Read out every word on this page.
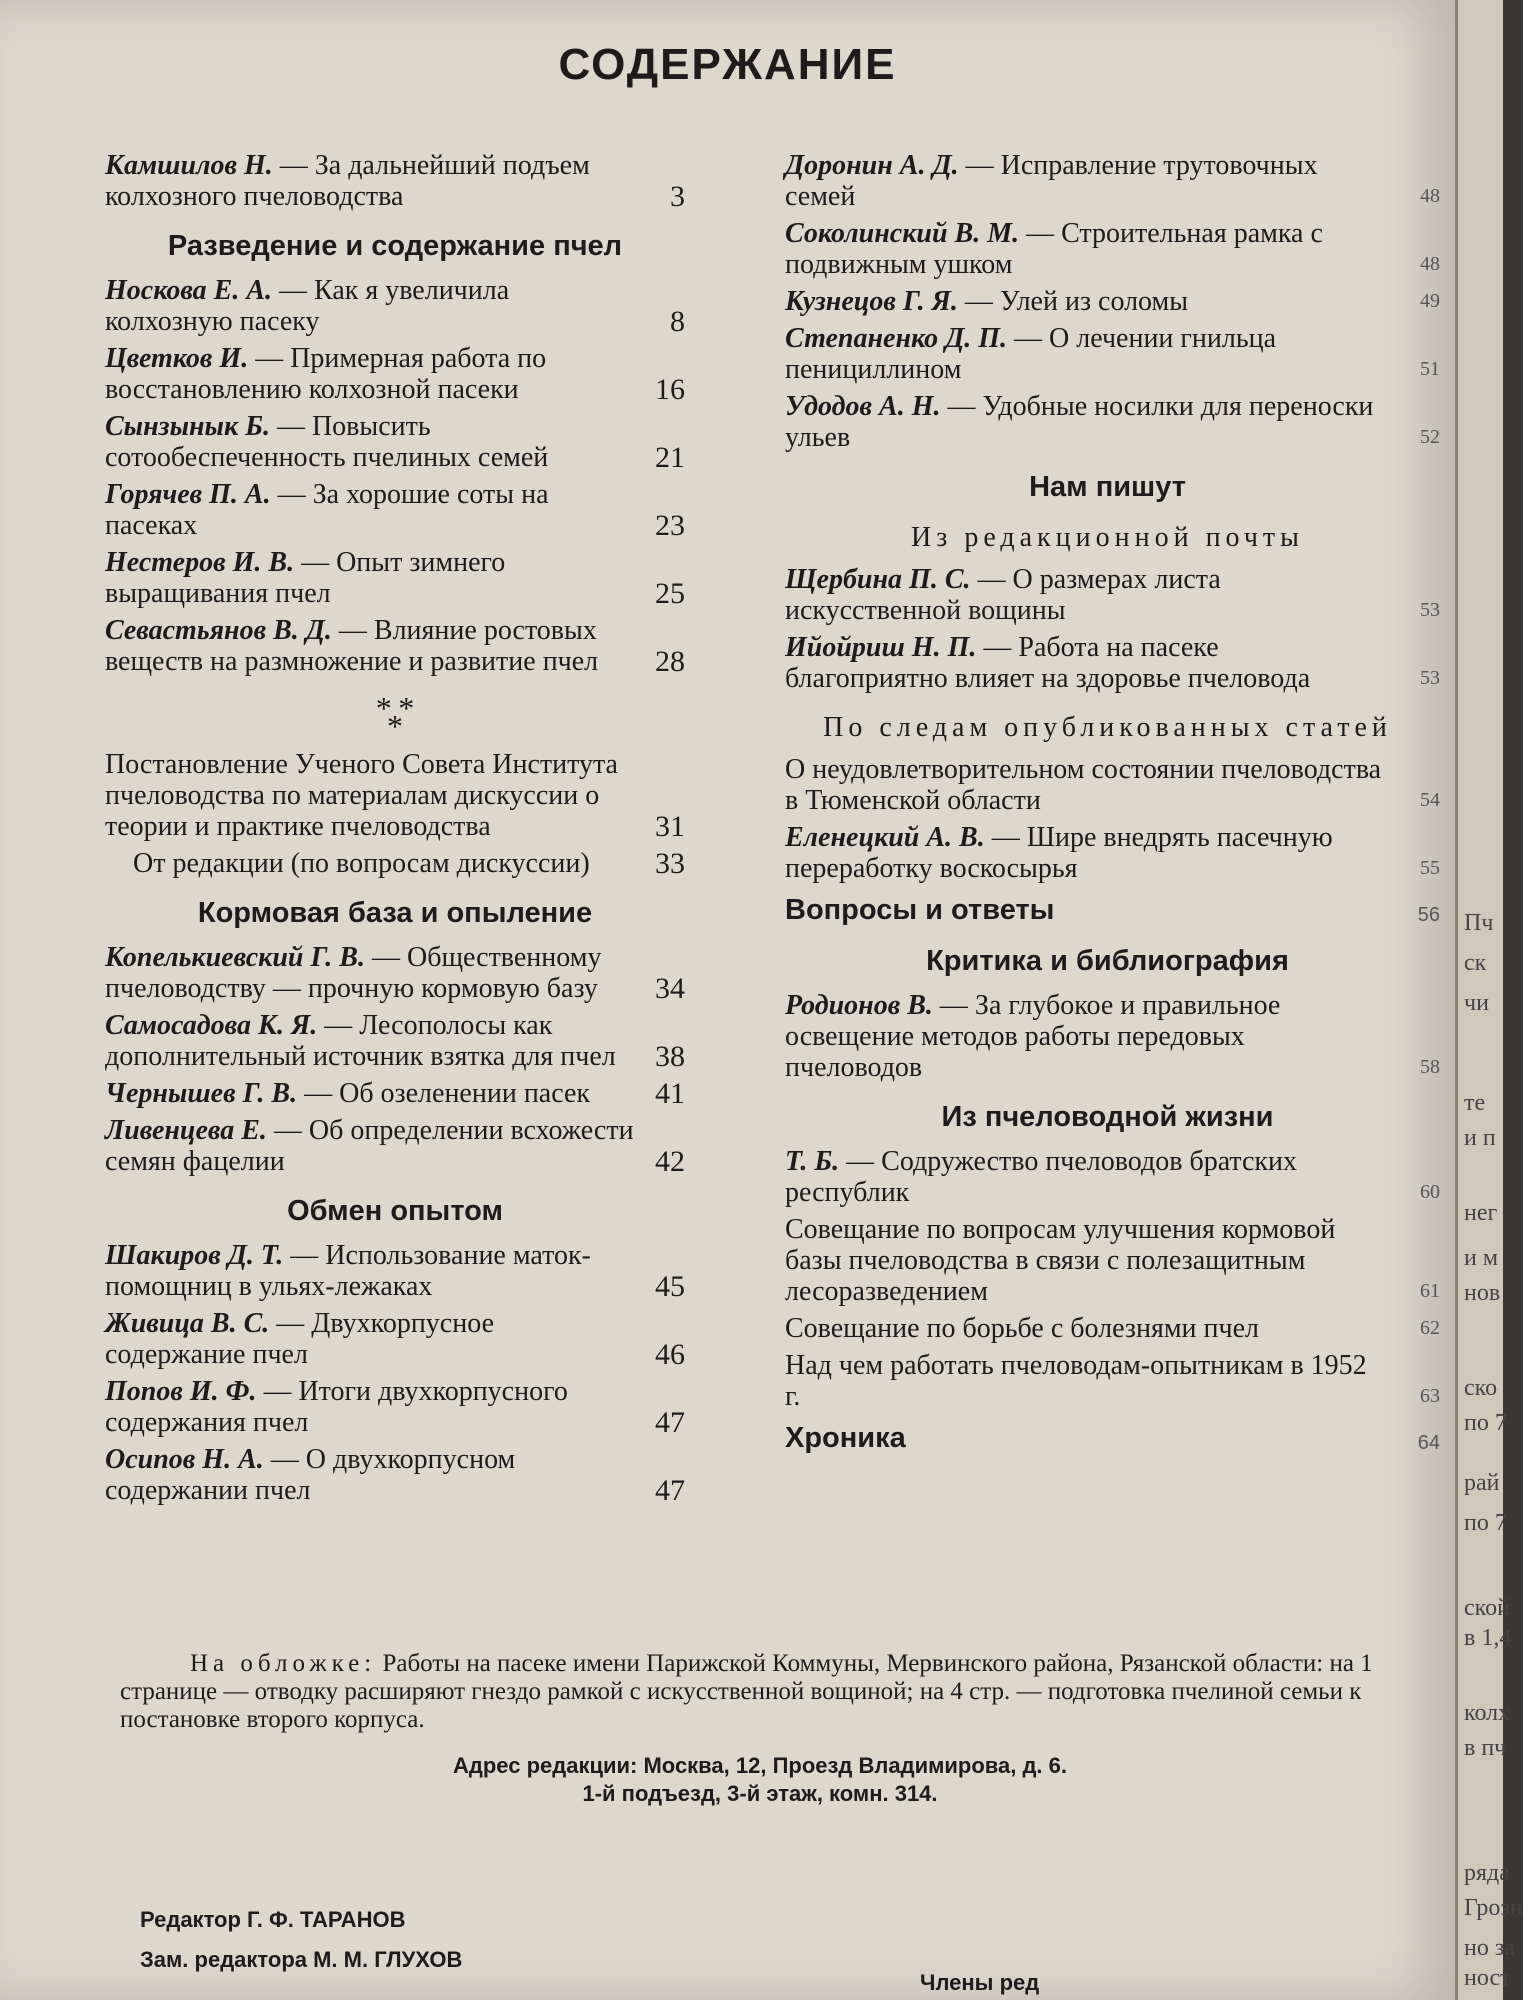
СОДЕРЖАНИЕ
Камшилов Н. — За дальнейший подъем колхозного пчеловодства	3
Разведение и содержание пчел
Носкова Е. А. — Как я увеличила колхозную пасеку	8
Цветков И. — Примерная работа по восстановлению колхозной пасеки	16
Сынзынык Б. — Повысить сотообеспеченность пчелиных семей	21
Горячев П. А. — За хорошие соты на пасеках	23
Нестеров И. В. — Опыт зимнего выращивания пчел	25
Севастьянов В. Д. — Влияние ростовых веществ на размножение и развитие пчел 28
* *
*
Постановление Ученого Совета Института пчеловодства по материалам дискуссии о теории и практике пчеловодства	31
От редакции (по вопросам дискуссии) 33
Кормовая база и опыление
Копелькиевский Г. В. — Общественному пчеловодству — прочную кормовую базу 34
Самосадова К. Я. — Лесополосы как дополнительный источник взятка для пчел 38
Чернышев Г. В. — Об озеленении пасек 41
Ливенцева Е. — Об определении всхожести семян фацелии	42
Обмен опытом
Шакиров Д. Т. — Использование маток-помощниц в ульях-лежаках	45
Живица В. С. — Двухкорпусное содержание пчел	46
Попов И. Ф. — Итоги двухкорпусного содержания пчел	47
Осипов Н. А. — О двухкорпусном содержании пчел	47
Доронин А. Д. — Исправление трутовочных семей	48
Соколинский В. М. — Строительная рамка с подвижным ушком	48
Кузнецов Г. Я. — Улей из соломы	49
Степаненко Д. П. — О лечении гнильца пенициллином	51
Удодов А. Н. — Удобные носилки для переноски ульев	52
Нам пишут
Из редакционной почты
Щербина П. С. — О размерах листа искусственной вощины	53
Ийойриш Н. П. — Работа на пасеке благоприятно влияет на здоровье пчеловода	53
По следам опубликованных статей
О неудовлетворительном состоянии пчеловодства в Тюменской области	54
Еленецкий А. В. — Шире внедрять пасечную переработку воскосырья	55
Вопросы и ответы	56
Критика и библиография
Родионов В. — За глубокое и правильное освещение методов работы передовых пчеловодов	58
Из пчеловодной жизни
Т. Б. — Содружество пчеловодов братских республик	60
Совещание по вопросам улучшения кормовой базы пчеловодства в связи с полезащитным лесоразведением	61
Совещание по борьбе с болезнями пчел	62
Над чем работать пчеловодам-опытникам в 1952 г.	63
Хроника	64
На обложке: Работы на пасеке имени Парижской Коммуны, Мервинского района, Рязанской области: на 1 странице — отводку расширяют гнездо рамкой с искусственной вощиной; на 4 стр. — подготовка пчелиной семьи к постановке второго корпуса.
Адрес редакции: Москва, 12, Проезд Владимирова, д. 6.
1-й подъезд, 3-й этаж, комн. 314.
Редактор Г. Ф. ТАРАНОВ
Зам. редактора М. М. ГЛУХОВ
Члены ред
Пч
ск
чи
те
и п
нег
и м
нов
ско
по 7
рай
по 7
ской
в 1,4
колх
в пч
ряда
Грозн
но за
ност
